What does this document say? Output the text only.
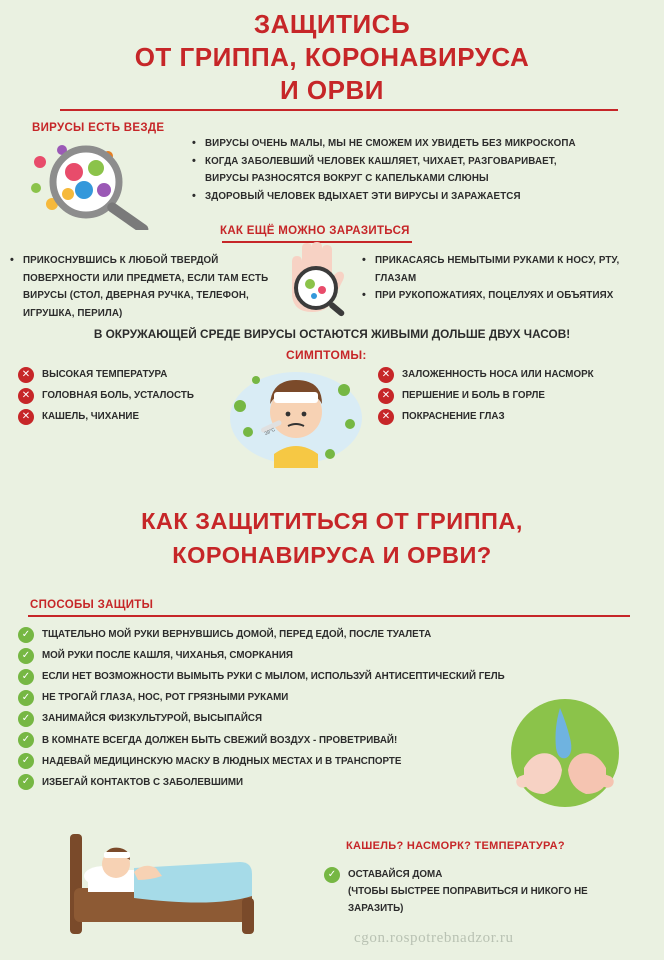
ЗАЩИТИСЬ
ОТ ГРИППА, КОРОНАВИРУСА
И ОРВИ
ВИРУСЫ ЕСТЬ ВЕЗДЕ
• ВИРУСЫ ОЧЕНЬ МАЛЫ, МЫ НЕ СМОЖЕМ ИХ УВИДЕТЬ БЕЗ МИКРОСКОПА
• КОГДА ЗАБОЛЕВШИЙ ЧЕЛОВЕК КАШЛЯЕТ, ЧИХАЕТ, РАЗГОВАРИВАЕТ, ВИРУСЫ РАЗНОСЯТСЯ ВОКРУГ С КАПЕЛЬКАМИ СЛЮНЫ
• ЗДОРОВЫЙ ЧЕЛОВЕК ВДЫХАЕТ ЭТИ ВИРУСЫ И ЗАРАЖАЕТСЯ
КАК ЕЩЁ МОЖНО ЗАРАЗИТЬСЯ
• ПРИКОСНУВШИСЬ К ЛЮБОЙ ТВЕРДОЙ ПОВЕРХНОСТИ ИЛИ ПРЕДМЕТА, ЕСЛИ ТАМ ЕСТЬ ВИРУСЫ (СТОЛ, ДВЕРНАЯ РУЧКА, ТЕЛЕФОН, ИГРУШКА, ПЕРИЛА)
• ПРИКАСАЯСЬ НЕМЫТЫМИ РУКАМИ К НОСУ, РТУ, ГЛАЗАМ
• ПРИ РУКОПОЖАТИЯХ, ПОЦЕЛУЯХ И ОБЪЯТИЯХ
В ОКРУЖАЮЩЕЙ СРЕДЕ ВИРУСЫ ОСТАЮТСЯ ЖИВЫМИ ДОЛЬШЕ ДВУХ ЧАСОВ!
СИМПТОМЫ:
✕	ВЫСОКАЯ ТЕМПЕРАТУРА
✕	ГОЛОВНАЯ БОЛЬ, УСТАЛОСТЬ
✕	КАШЕЛЬ, ЧИХАНИЕ
39°C
✕	ЗАЛОЖЕННОСТЬ НОСА ИЛИ НАСМОРК
✕	ПЕРШЕНИЕ И БОЛЬ В ГОРЛЕ
✕	ПОКРАСНЕНИЕ ГЛАЗ
КАК ЗАЩИТИТЬСЯ ОТ ГРИППА,
КОРОНАВИРУСА И ОРВИ?
СПОСОБЫ ЗАЩИТЫ
✓	ТЩАТЕЛЬНО МОЙ РУКИ ВЕРНУВШИСЬ ДОМОЙ, ПЕРЕД ЕДОЙ, ПОСЛЕ ТУАЛЕТА
✓	МОЙ РУКИ ПОСЛЕ КАШЛЯ, ЧИХАНЬЯ, СМОРКАНИЯ
✓	ЕСЛИ НЕТ ВОЗМОЖНОСТИ ВЫМЫТЬ РУКИ С МЫЛОМ, ИСПОЛЬЗУЙ АНТИСЕПТИЧЕСКИЙ ГЕЛЬ
✓	НЕ ТРОГАЙ ГЛАЗА, НОС, РОТ ГРЯЗНЫМИ РУКАМИ
✓	ЗАНИМАЙСЯ ФИЗКУЛЬТУРОЙ, ВЫСЫПАЙСЯ
✓	В КОМНАТЕ ВСЕГДА ДОЛЖЕН БЫТЬ СВЕЖИЙ ВОЗДУХ - ПРОВЕТРИВАЙ!
✓	НАДЕВАЙ МЕДИЦИНСКУЮ МАСКУ В ЛЮДНЫХ МЕСТАХ И В ТРАНСПОРТЕ
✓	ИЗБЕГАЙ КОНТАКТОВ С ЗАБОЛЕВШИМИ
КАШЕЛЬ? НАСМОРК? ТЕМПЕРАТУРА?
✓	ОСТАВАЙСЯ ДОМА
(ЧТОБЫ БЫСТРЕЕ ПОПРАВИТЬСЯ И НИКОГО НЕ ЗАРАЗИТЬ)
cgon.rospotrebnadzor.ru
